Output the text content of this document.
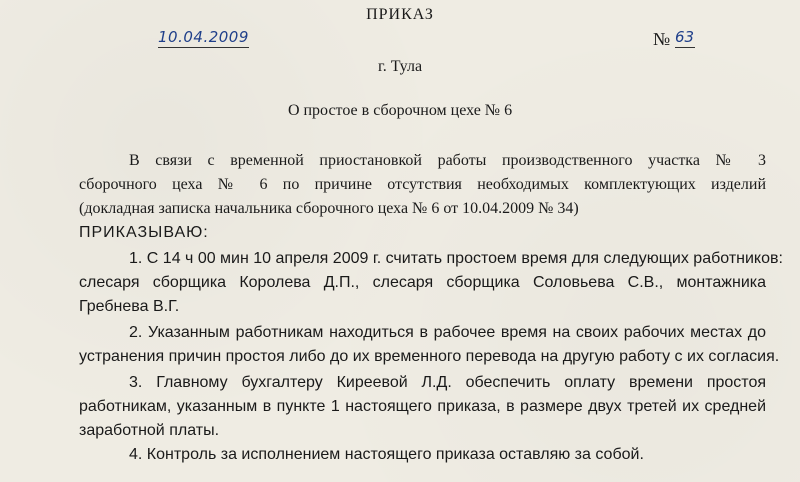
ПРИКАЗ
10.04.2009	№ 63
г. Тула
О простое в сборочном цехе № 6
В связи с временной приостановкой работы производственного участка № 3
сборочного цеха № 6 по причине отсутствия необходимых комплектующих изделий
(докладная записка начальника сборочного цеха № 6 от 10.04.2009 № 34)
ПРИКАЗЫВАЮ:
1. С 14 ч 00 мин 10 апреля 2009 г. считать простоем время для следующих работников:
слесаря сборщика Королева Д.П., слесаря сборщика Соловьева С.В., монтажника
Гребнева В.Г.
2. Указанным работникам находиться в рабочее время на своих рабочих местах до
устранения причин простоя либо до их временного перевода на другую работу с их согласия.
3. Главному бухгалтеру Киреевой Л.Д. обеспечить оплату времени простоя
работникам, указанным в пункте 1 настоящего приказа, в размере двух третей их средней
заработной платы.
4. Контроль за исполнением настоящего приказа оставляю за собой.
